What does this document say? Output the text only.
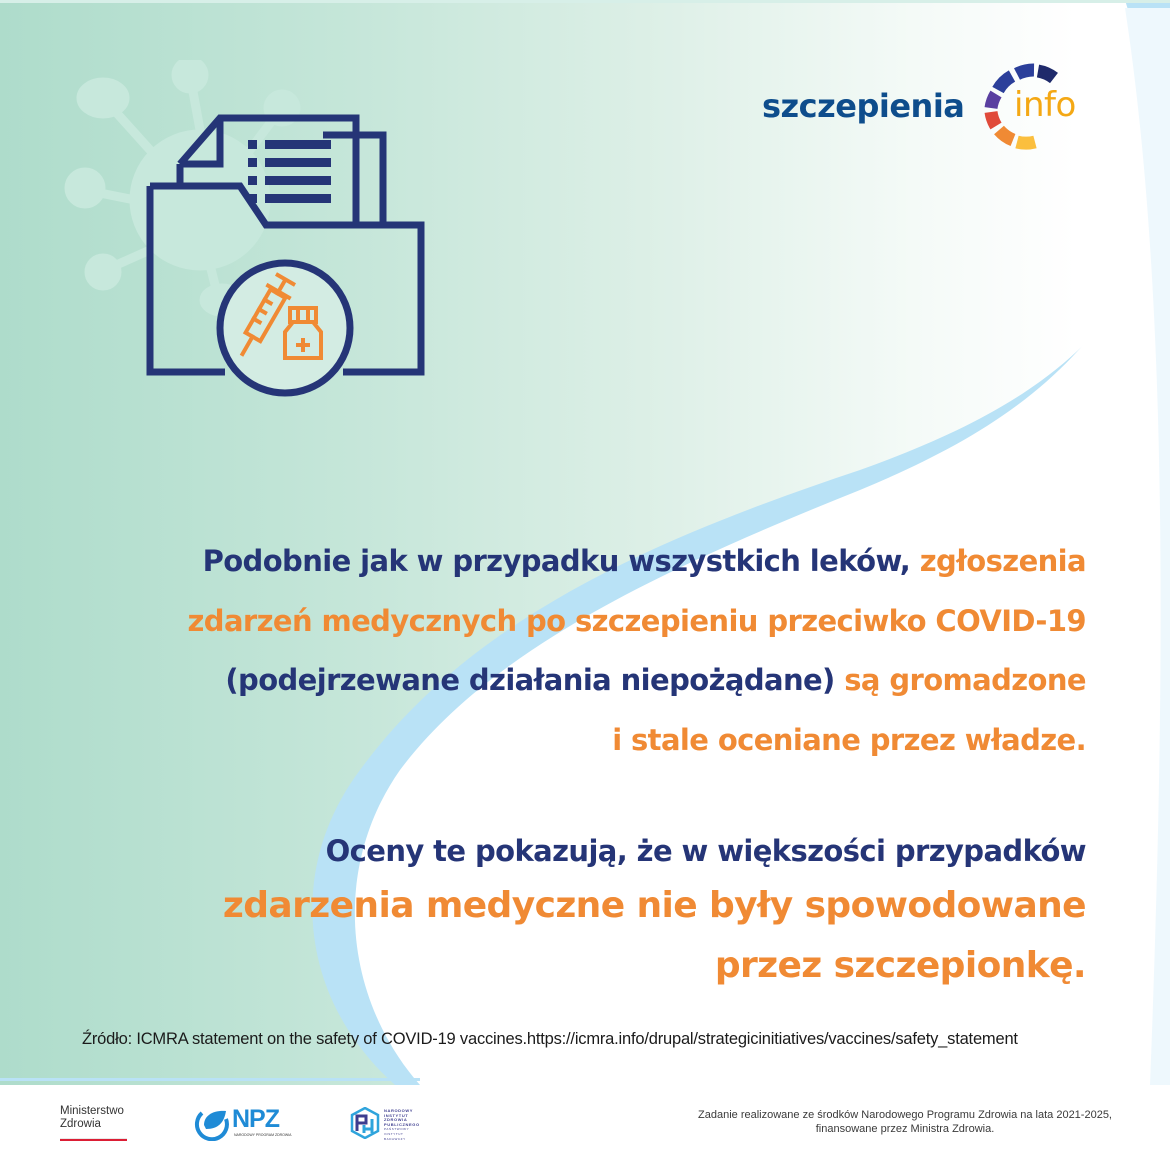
szczepienia info
Podobnie jak w przypadku wszystkich leków, zgłoszenia
zdarzeń medycznych po szczepieniu przeciwko COVID-19
(podejrzewane działania niepożądane) są gromadzone
i stale oceniane przez władze.
Oceny te pokazują, że w większości przypadków
zdarzenia medyczne nie były spowodowane
przez szczepionkę.
Źródło: ICMRA statement on the safety of COVID-19 vaccines.https://icmra.info/drupal/strategicinitiatives/vaccines/safety_statement
Ministerstwo
Zdrowia	NPZ
NARODOWY PROGRAM ZDROWIA
NARODOWY
INSTYTUT
ZDROWIA
PUBLICZNEGO
PAŃSTWOWY INSTYTUT
BADAWCZY
Zadanie realizowane ze środków Narodowego Programu Zdrowia na lata 2021-2025,
finansowane przez Ministra Zdrowia.
